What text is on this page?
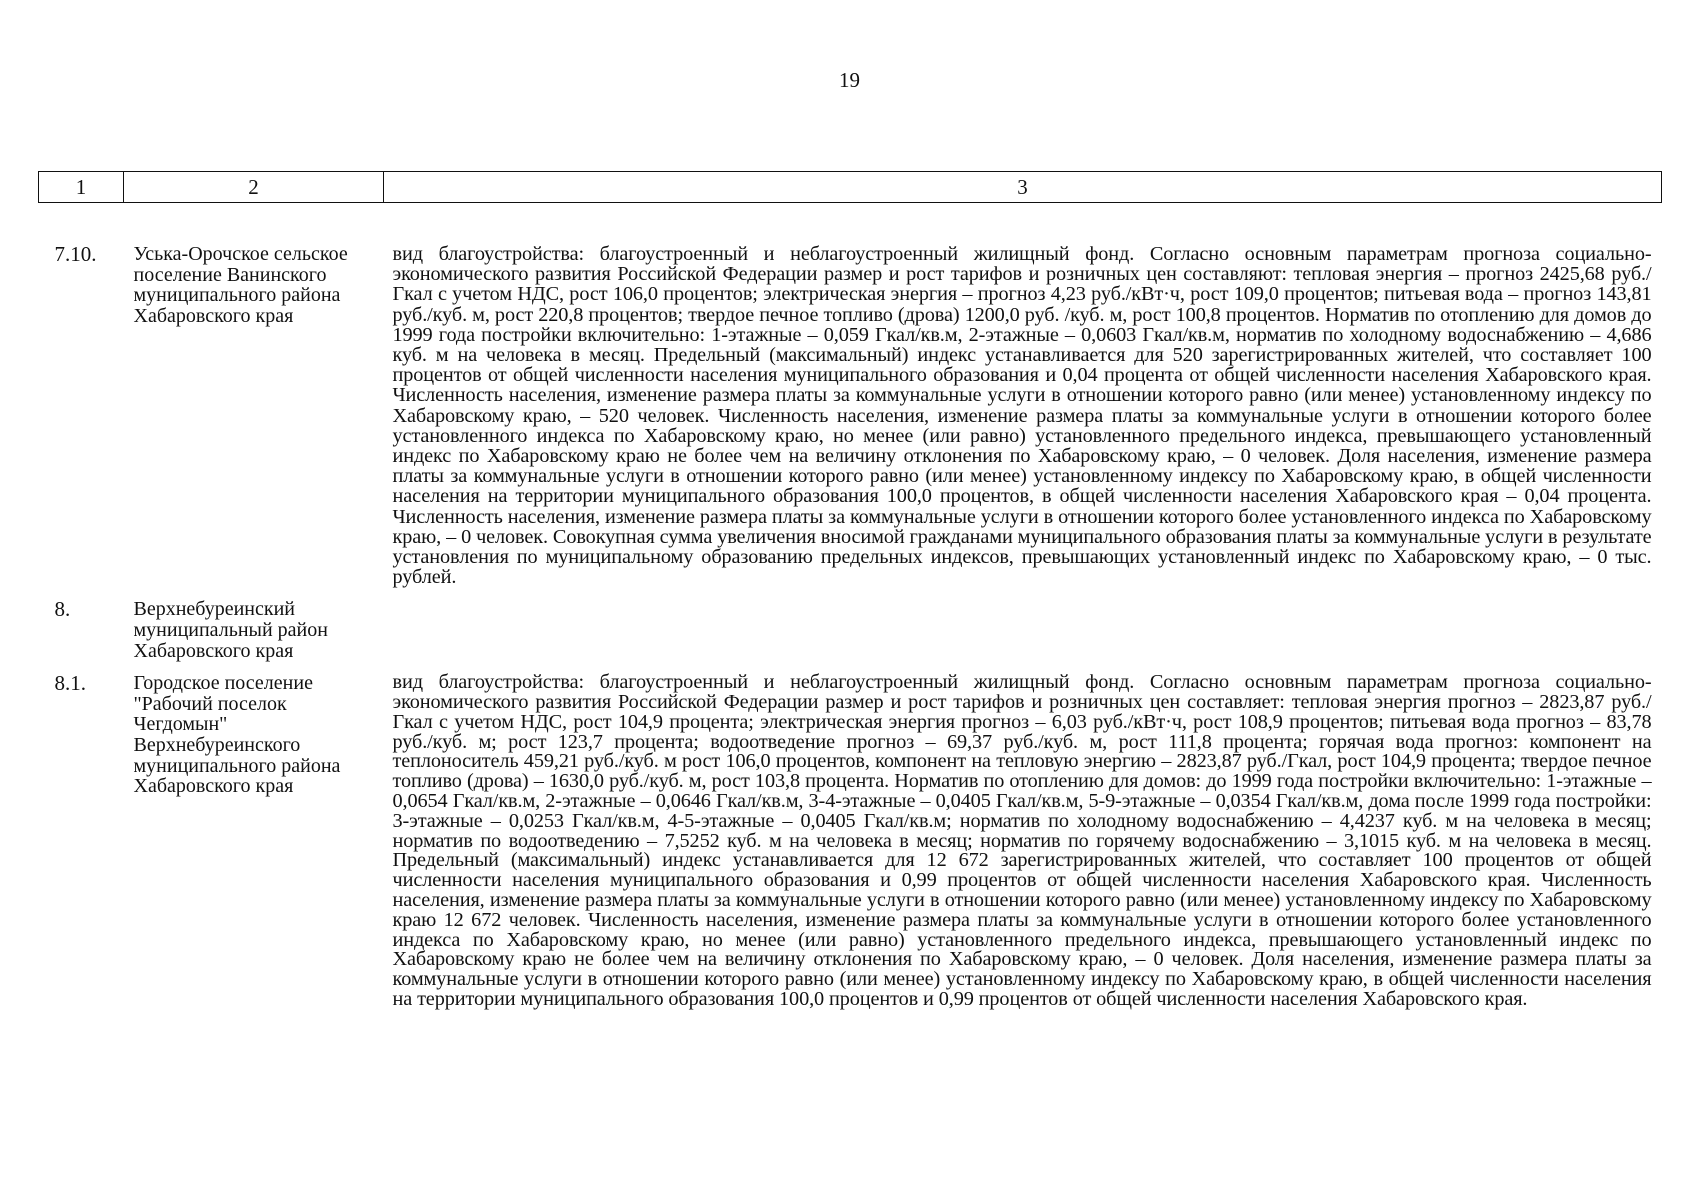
19
1	2	3
7.10.	Уська-Орочское сельское поселение Ванинского муниципального района Хабаровского края	вид благоустройства: благоустроенный и неблагоустроенный жилищный фонд. Согласно основным параметрам прогноза социально-экономического развития Российской Федерации размер и рост тарифов и розничных цен составляют: тепловая энергия – прогноз 2425,68 руб./Гкал с учетом НДС, рост 106,0 процентов; электрическая энергия – прогноз 4,23 руб./кВт·ч, рост 109,0 процентов; питьевая вода – прогноз 143,81 руб./куб. м, рост 220,8 процентов; твердое печное топливо (дрова) 1200,0 руб. /куб. м, рост 100,8 процентов. Норматив по отоплению для домов до 1999 года постройки включительно: 1-этажные – 0,059 Гкал/кв.м, 2-этажные – 0,0603 Гкал/кв.м, норматив по холодному водоснабжению – 4,686 куб. м на человека в месяц. Предельный (максимальный) индекс устанавливается для 520 зарегистрированных жителей, что составляет 100 процентов от общей численности населения муниципального образования и 0,04 процента от общей численности населения Хабаровского края. Численность населения, изменение размера платы за коммунальные услуги в отношении которого равно (или менее) установленному индексу по Хабаровскому краю, – 520 человек. Численность населения, изменение размера платы за коммунальные услуги в отношении которого более установленного индекса по Хабаровскому краю, но менее (или равно) установленного предельного индекса, превышающего установленный индекс по Хабаровскому краю не более чем на величину отклонения по Хабаровскому краю, – 0 человек. Доля населения, изменение размера платы за коммунальные услуги в отношении которого равно (или менее) установленному индексу по Хабаровскому краю, в общей численности населения на территории муниципального образования 100,0 процентов, в общей численности населения Хабаровского края – 0,04 процента. Численность населения, изменение размера платы за коммунальные услуги в отношении которого более установленного индекса по Хабаровскому краю, – 0 человек. Совокупная сумма увеличения вносимой гражданами муниципального образования платы за коммунальные услуги в результате установления по муниципальному образованию предельных индексов, превышающих установленный индекс по Хабаровскому краю, – 0 тыс. рублей.
8.	Верхнебуреинский муниципальный район Хабаровского края	
8.1.	Городское поселение "Рабочий поселок Чегдомын" Верхнебуреинского муниципального района Хабаровского края	вид благоустройства: благоустроенный и неблагоустроенный жилищный фонд. Согласно основным параметрам прогноза социально-экономического развития Российской Федерации размер и рост тарифов и розничных цен составляет: тепловая энергия прогноз – 2823,87 руб./Гкал с учетом НДС, рост 104,9 процента; электрическая энергия прогноз – 6,03 руб./кВт·ч, рост 108,9 процентов; питьевая вода прогноз – 83,78 руб./куб. м; рост 123,7 процента; водоотведение прогноз – 69,37 руб./куб. м, рост 111,8 процента; горячая вода прогноз: компонент на теплоноситель 459,21 руб./куб. м рост 106,0 процентов, компонент на тепловую энергию – 2823,87 руб./Гкал, рост 104,9 процента; твердое печное топливо (дрова) – 1630,0 руб./куб. м, рост 103,8 процента. Норматив по отоплению для домов: до 1999 года постройки включительно: 1-этажные – 0,0654 Гкал/кв.м, 2-этажные – 0,0646 Гкал/кв.м, 3-4-этажные – 0,0405 Гкал/кв.м, 5-9-этажные – 0,0354 Гкал/кв.м, дома после 1999 года постройки: 3-этажные – 0,0253 Гкал/кв.м, 4-5-этажные – 0,0405 Гкал/кв.м; норматив по холодному водоснабжению – 4,4237 куб. м на человека в месяц; норматив по водоотведению – 7,5252 куб. м на человека в месяц; норматив по горячему водоснабжению – 3,1015 куб. м на человека в месяц. Предельный (максимальный) индекс устанавливается для 12 672 зарегистрированных жителей, что составляет 100 процентов от общей численности населения муниципального образования и 0,99 процентов от общей численности населения Хабаровского края. Численность населения, изменение размера платы за коммунальные услуги в отношении которого равно (или менее) установленному индексу по Хабаровскому краю 12 672 человек. Численность населения, изменение размера платы за коммунальные услуги в отношении которого более установленного индекса по Хабаровскому краю, но менее (или равно) установленного предельного индекса, превышающего установленный индекс по Хабаровскому краю не более чем на величину отклонения по Хабаровскому краю, – 0 человек. Доля населения, изменение размера платы за коммунальные услуги в отношении которого равно (или менее) установленному индексу по Хабаровскому краю, в общей численности населения на территории муниципального образования 100,0 процентов и 0,99 процентов от общей численности населения Хабаровского края.
